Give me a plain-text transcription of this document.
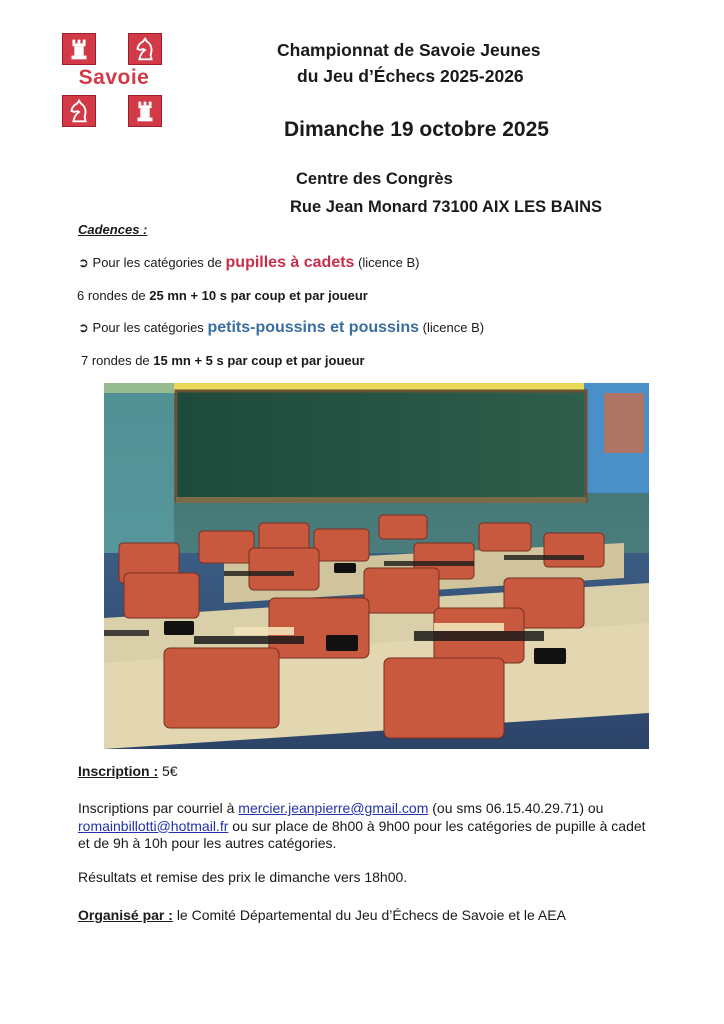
Savoie
Championnat de Savoie Jeunes
du Jeu d’Échecs 2025-2026
Dimanche 19 octobre 2025
Centre des Congrès
Rue Jean Monard 73100 AIX LES BAINS
Cadences :
➲ Pour les catégories de pupilles à cadets (licence B)
6 rondes de 25 mn + 10 s par coup et par joueur
➲ Pour les catégories petits-poussins et poussins (licence B)
7 rondes de 15 mn + 5 s par coup et par joueur
Inscription : 5€
Inscriptions par courriel à mercier.jeanpierre@gmail.com (ou sms 06.15.40.29.71) ou romainbillotti@hotmail.fr ou sur place de 8h00 à 9h00 pour les catégories de pupille à cadet et de 9h à 10h pour les autres catégories.
Résultats et remise des prix le dimanche vers 18h00.
Organisé par : le Comité Départemental du Jeu d’Échecs de Savoie et le AEA
